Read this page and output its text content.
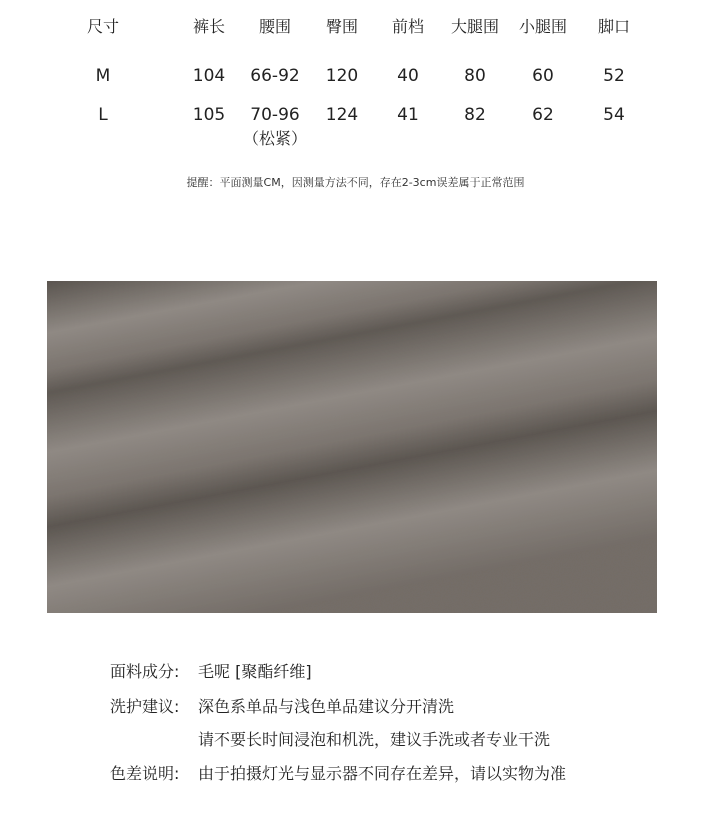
尺寸	裤长 腰围 臀围 前档 大腿围 小腿围 脚口
M	104 66-92 120 40	80	60	52
L	105 70-96 124 41	82	62	54
（松紧）
提醒：平面测量CM，因测量方法不同，存在2-3cm误差属于正常范围
面料成分: 毛呢 [聚酯纤维]
洗护建议: 深色系单品与浅色单品建议分开清洗
请不要长时间浸泡和机洗，建议手洗或者专业干洗
色差说明: 由于拍摄灯光与显示器不同存在差异，请以实物为准
